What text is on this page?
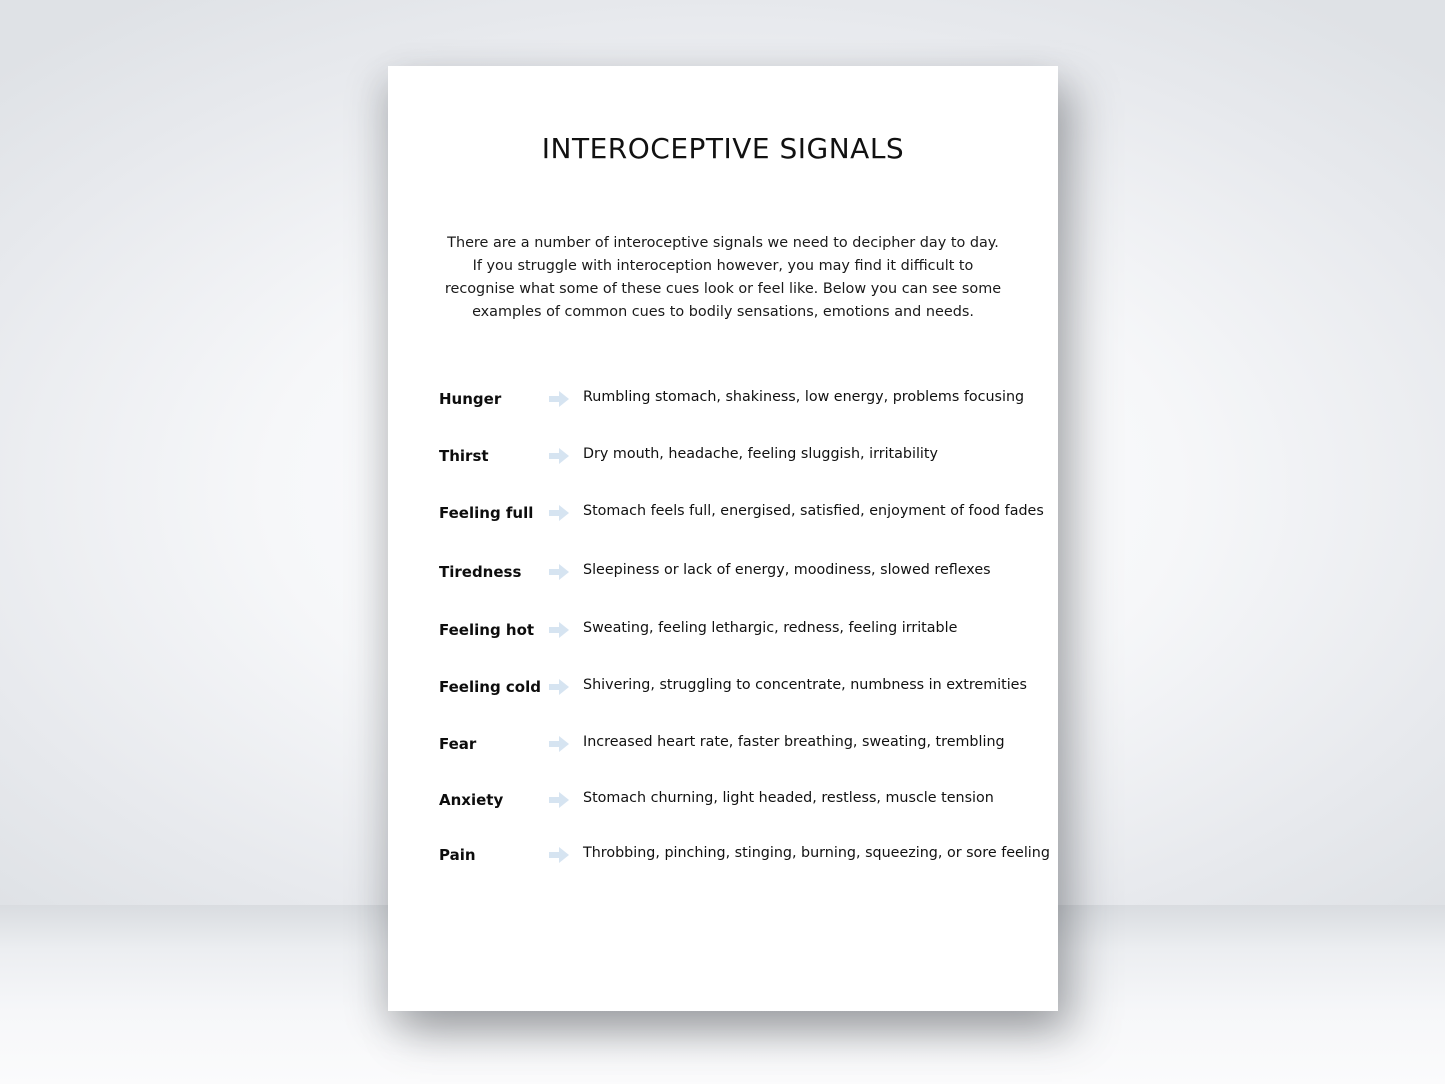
INTEROCEPTIVE SIGNALS

There are a number of interoceptive signals we need to decipher day to day. If you struggle with interoception however, you may find it difficult to recognise what some of these cues look or feel like. Below you can see some examples of common cues to bodily sensations, emotions and needs.

Hunger	Rumbling stomach, shakiness, low energy, problems focusing
Thirst	Dry mouth, headache, feeling sluggish, irritability
Feeling full	Stomach feels full, energised, satisfied, enjoyment of food fades
Tiredness	Sleepiness or lack of energy, moodiness, slowed reflexes
Feeling hot	Sweating, feeling lethargic, redness, feeling irritable
Feeling cold	Shivering, struggling to concentrate, numbness in extremities
Fear	Increased heart rate, faster breathing, sweating, trembling
Anxiety	Stomach churning, light headed, restless, muscle tension
Pain	Throbbing, pinching, stinging, burning, squeezing, or sore feeling
